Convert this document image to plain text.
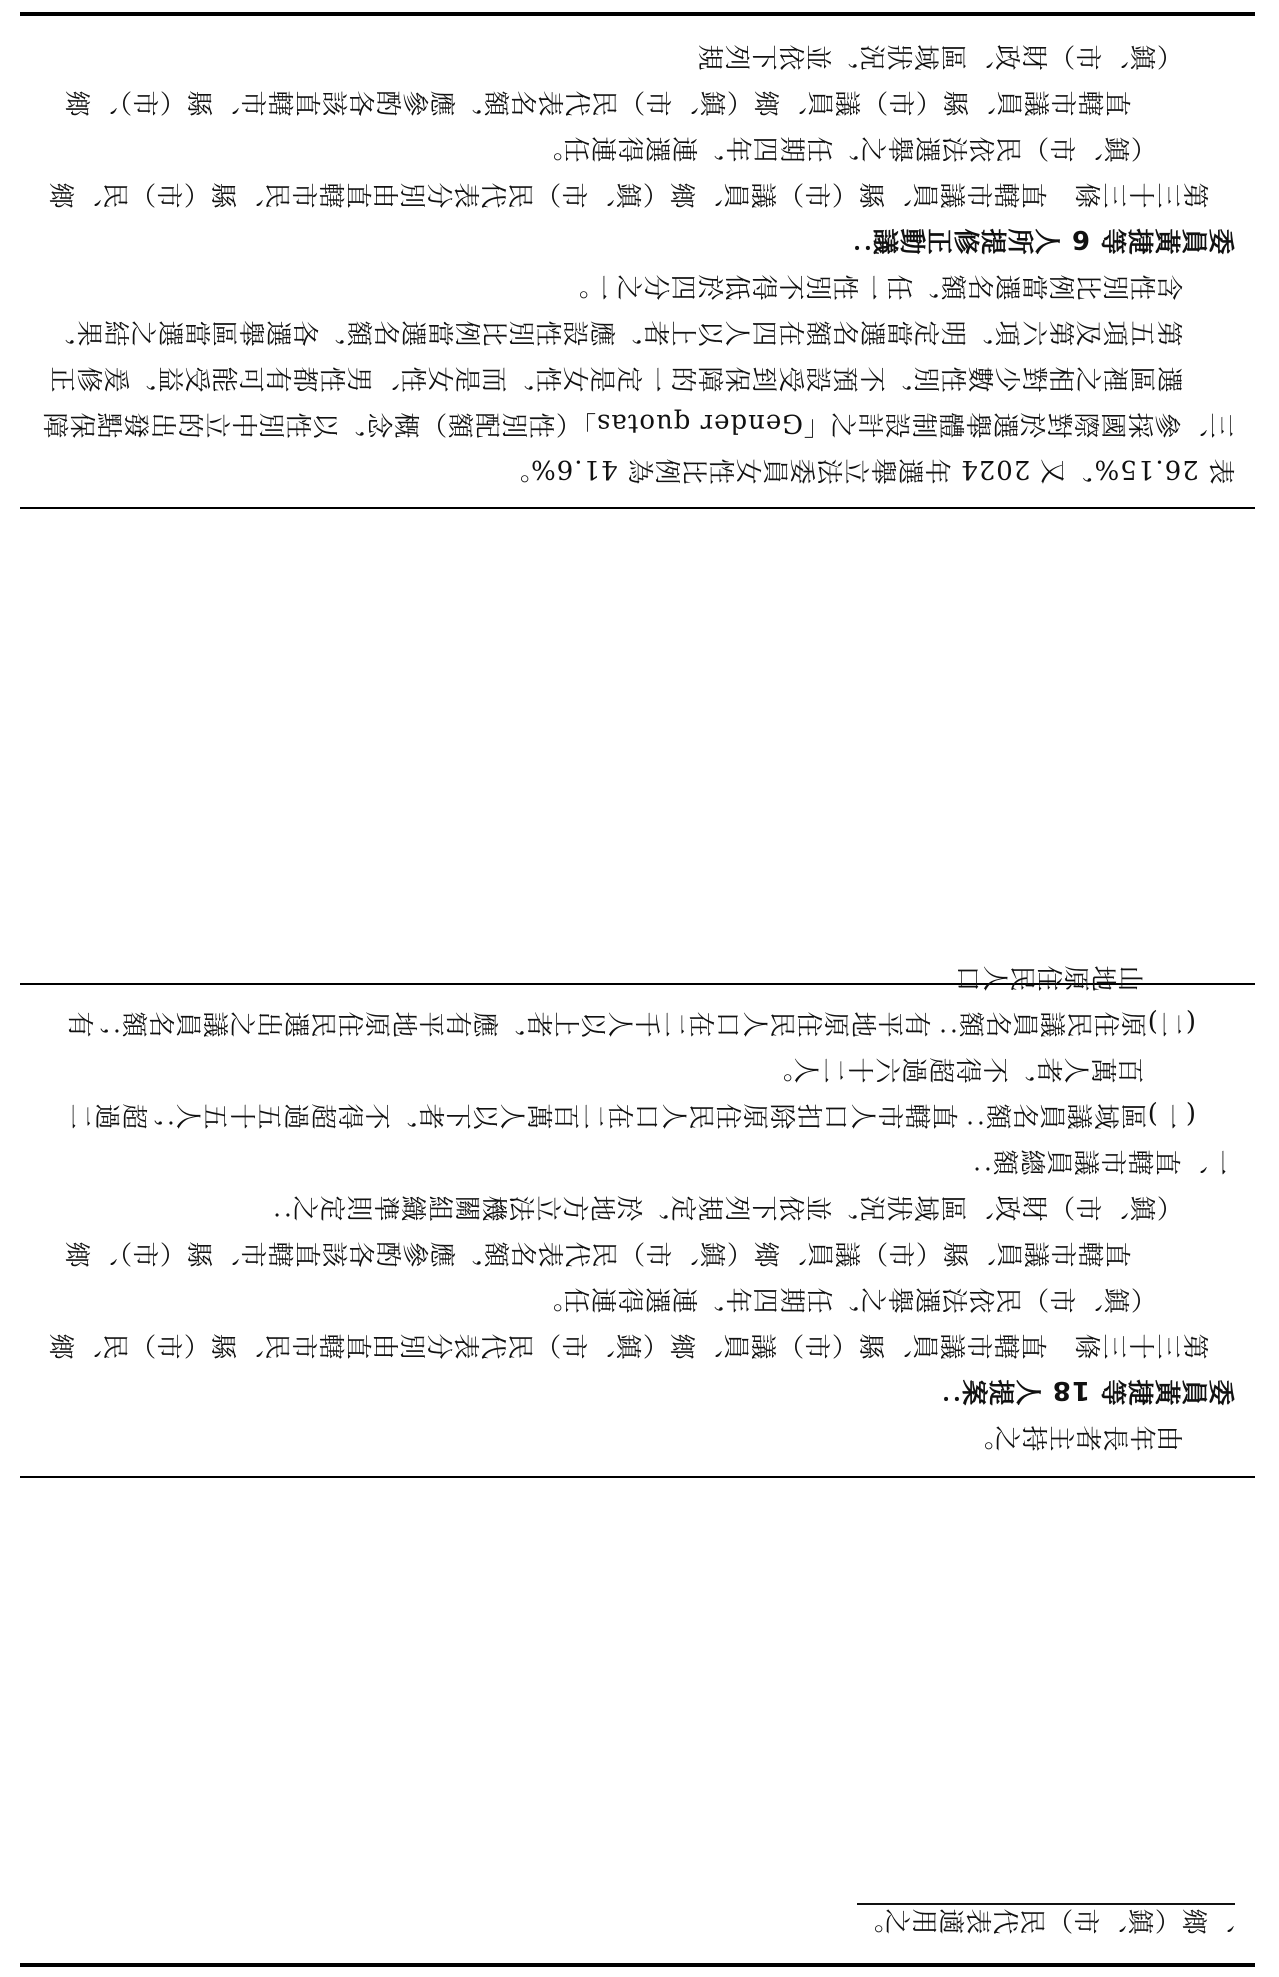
表 26.15%，又 2024 年選舉立法委員女性比例為 41.6%。

三、參採國際對於選舉體制設計之「Gender quotas」（性別配額）概念，以性別中立的出發點保障選區裡之相對少數性別，不預設受到保障的一定是女性，而是女性、男性都有可能受益，爰修正第五項及第六項，明定當選名額在四人以上者，應設性別比例當選名額，各選舉區當選之結果，含性別比例當選名額，任一性別不得低於四分之一。

委員黃捷等 6 人所提修正動議：

第三十三條　直轄市議員、縣（市）議員、鄉（鎮、市）民代表分別由直轄市民、縣（市）民、鄉（鎮、市）民依法選舉之，任期四年，連選得連任。

直轄市議員、縣（市）議員、鄉（鎮、市）民代表名額，應參酌各該直轄市、縣（市）、鄉（鎮、市）財政、區域狀況，並依下列規

由年長者主持之。

委員黃捷等 18 人提案：

第三十三條　直轄市議員、縣（市）議員、鄉（鎮、市）民代表分別由直轄市民、縣（市）民、鄉（鎮、市）民依法選舉之，任期四年，連選得連任。

直轄市議員、縣（市）議員、鄉（鎮、市）民代表名額，應參酌各該直轄市、縣（市）、鄉（鎮、市）財政、區域狀況，並依下列規定，於地方立法機關組織準則定之：

一、直轄市議員總額：

(一)區域議員名額：直轄市人口扣除原住民人口在二百萬人以下者，不得超過五十五人；超過二百萬人者，不得超過六十二人。

(二)原住民議員名額：有平地原住民人口在二千人以上者，應有平地原住民選出之議員名額；有山地原住民人口

、鄉（鎮、市）民代表適用之。
